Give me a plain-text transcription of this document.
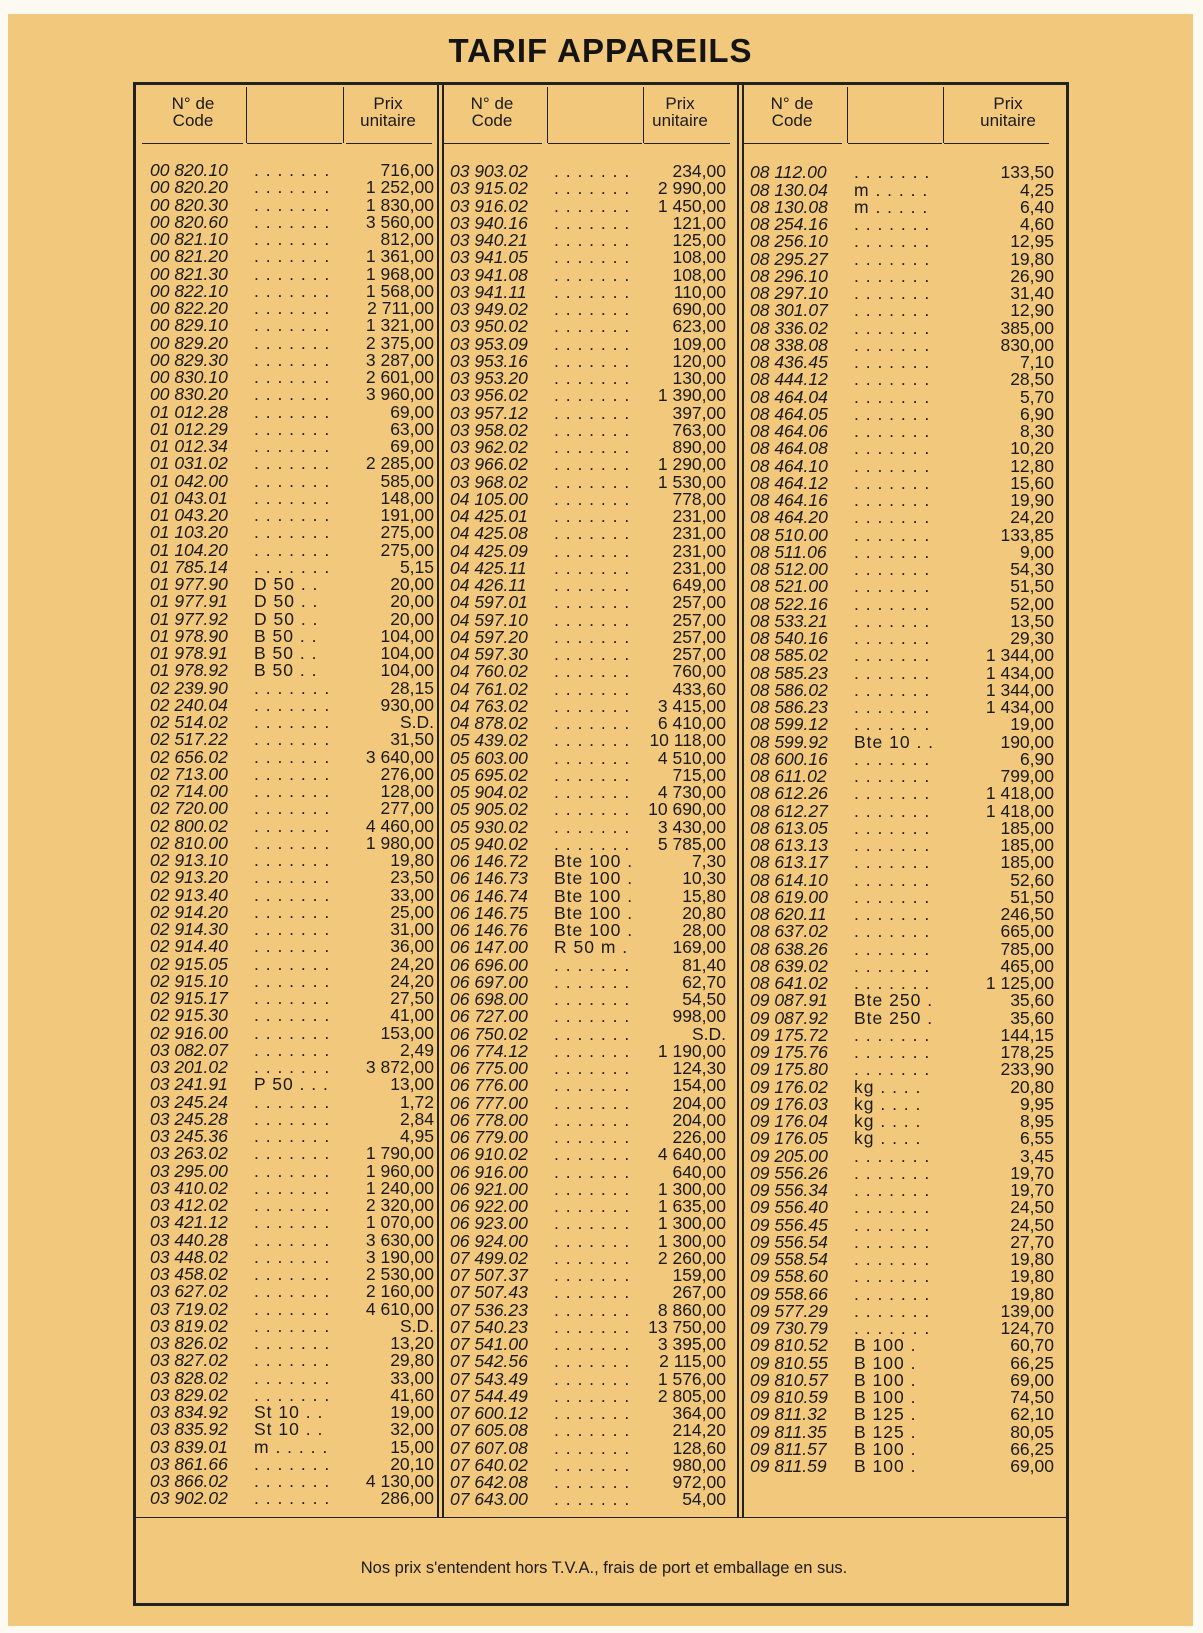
TARIF APPAREILS
N° de
Code
Prix
unitaire
N° de
Code
Prix
unitaire
N° de
Code
Prix
unitaire
00 820.10 . . . . . . .	716,00
00 820.20 . . . . . . .	1 252,00
00 820.30 . . . . . . .	1 830,00
00 820.60 . . . . . . .	3 560,00
00 821.10 . . . . . . .	812,00
00 821.20 . . . . . . .	1 361,00
00 821.30 . . . . . . .	1 968,00
00 822.10 . . . . . . .	1 568,00
00 822.20 . . . . . . .	2 711,00
00 829.10 . . . . . . .	1 321,00
00 829.20 . . . . . . .	2 375,00
00 829.30 . . . . . . .	3 287,00
00 830.10 . . . . . . .	2 601,00
00 830.20 . . . . . . .	3 960,00
01 012.28 . . . . . . .	69,00
01 012.29 . . . . . . .	63,00
01 012.34 . . . . . . .	69,00
01 031.02 . . . . . . .	2 285,00
01 042.00 . . . . . . .	585,00
01 043.01 . . . . . . .	148,00
01 043.20 . . . . . . .	191,00
01 103.20 . . . . . . .	275,00
01 104.20 . . . . . . .	275,00
01 785.14 . . . . . . .	5,15
01 977.90 D 50 . .	20,00
01 977.91 D 50 . .	20,00
01 977.92 D 50 . .	20,00
01 978.90 B 50 . .	104,00
01 978.91 B 50 . .	104,00
01 978.92 B 50 . .	104,00
02 239.90 . . . . . . .	28,15
02 240.04 . . . . . . .	930,00
02 514.02 . . . . . . .	S.D.
02 517.22 . . . . . . .	31,50
02 656.02 . . . . . . .	3 640,00
02 713.00 . . . . . . .	276,00
02 714.00 . . . . . . .	128,00
02 720.00 . . . . . . .	277,00
02 800.02 . . . . . . .	4 460,00
02 810.00 . . . . . . .	1 980,00
02 913.10 . . . . . . .	19,80
02 913.20 . . . . . . .	23,50
02 913.40 . . . . . . .	33,00
02 914.20 . . . . . . .	25,00
02 914.30 . . . . . . .	31,00
02 914.40 . . . . . . .	36,00
02 915.05 . . . . . . .	24,20
02 915.10 . . . . . . .	24,20
02 915.17 . . . . . . .	27,50
02 915.30 . . . . . . .	41,00
02 916.00 . . . . . . .	153,00
03 082.07 . . . . . . .	2,49
03 201.02 . . . . . . .	3 872,00
03 241.91 P 50 . . .	13,00
03 245.24 . . . . . . .	1,72
03 245.28 . . . . . . .	2,84
03 245.36 . . . . . . .	4,95
03 263.02 . . . . . . .	1 790,00
03 295.00 . . . . . . .	1 960,00
03 410.02 . . . . . . .	1 240,00
03 412.02 . . . . . . .	2 320,00
03 421.12 . . . . . . .	1 070,00
03 440.28 . . . . . . .	3 630,00
03 448.02 . . . . . . .	3 190,00
03 458.02 . . . . . . .	2 530,00
03 627.02 . . . . . . .	2 160,00
03 719.02 . . . . . . .	4 610,00
03 819.02 . . . . . . .	S.D.
03 826.02 . . . . . . .	13,20
03 827.02 . . . . . . .	29,80
03 828.02 . . . . . . .	33,00
03 829.02 . . . . . . .	41,60
03 834.92 St 10 . .	19,00
03 835.92 St 10 . .	32,00
03 839.01 m . . . . .	15,00
03 861.66 . . . . . . .	20,10
03 866.02 . . . . . . .	4 130,00
03 902.02 . . . . . . .	286,00
03 903.02 . . . . . . .	234,00
03 915.02 . . . . . . .	2 990,00
03 916.02 . . . . . . .	1 450,00
03 940.16 . . . . . . .	121,00
03 940.21 . . . . . . .	125,00
03 941.05 . . . . . . .	108,00
03 941.08 . . . . . . .	108,00
03 941.11 . . . . . . .	110,00
03 949.02 . . . . . . .	690,00
03 950.02 . . . . . . .	623,00
03 953.09 . . . . . . .	109,00
03 953.16 . . . . . . .	120,00
03 953.20 . . . . . . .	130,00
03 956.02 . . . . . . .	1 390,00
03 957.12 . . . . . . .	397,00
03 958.02 . . . . . . .	763,00
03 962.02 . . . . . . .	890,00
03 966.02 . . . . . . .	1 290,00
03 968.02 . . . . . . .	1 530,00
04 105.00 . . . . . . .	778,00
04 425.01 . . . . . . .	231,00
04 425.08 . . . . . . .	231,00
04 425.09 . . . . . . .	231,00
04 425.11 . . . . . . .	231,00
04 426.11 . . . . . . .	649,00
04 597.01 . . . . . . .	257,00
04 597.10 . . . . . . .	257,00
04 597.20 . . . . . . .	257,00
04 597.30 . . . . . . .	257,00
04 760.02 . . . . . . .	760,00
04 761.02 . . . . . . .	433,60
04 763.02 . . . . . . .	3 415,00
04 878.02 . . . . . . .	6 410,00
05 439.02 . . . . . . .	10 118,00
05 603.00 . . . . . . .	4 510,00
05 695.02 . . . . . . .	715,00
05 904.02 . . . . . . .	4 730,00
05 905.02 . . . . . . .	10 690,00
05 930.02 . . . . . . .	3 430,00
05 940.02 . . . . . . .	5 785,00
06 146.72 Bte 100 .	7,30
06 146.73 Bte 100 .	10,30
06 146.74 Bte 100 .	15,80
06 146.75 Bte 100 .	20,80
06 146.76 Bte 100 .	28,00
06 147.00 R 50 m .	169,00
06 696.00 . . . . . . .	81,40
06 697.00 . . . . . . .	62,70
06 698.00 . . . . . . .	54,50
06 727.00 . . . . . . .	998,00
06 750.02 . . . . . . .	S.D.
06 774.12 . . . . . . .	1 190,00
06 775.00 . . . . . . .	124,30
06 776.00 . . . . . . .	154,00
06 777.00 . . . . . . .	204,00
06 778.00 . . . . . . .	204,00
06 779.00 . . . . . . .	226,00
06 910.02 . . . . . . .	4 640,00
06 916.00 . . . . . . .	640,00
06 921.00 . . . . . . .	1 300,00
06 922.00 . . . . . . .	1 635,00
06 923.00 . . . . . . .	1 300,00
06 924.00 . . . . . . .	1 300,00
07 499.02 . . . . . . .	2 260,00
07 507.37 . . . . . . .	159,00
07 507.43 . . . . . . .	267,00
07 536.23 . . . . . . .	8 860,00
07 540.23 . . . . . . .	13 750,00
07 541.00 . . . . . . .	3 395,00
07 542.56 . . . . . . .	2 115,00
07 543.49 . . . . . . .	1 576,00
07 544.49 . . . . . . .	2 805,00
07 600.12 . . . . . . .	364,00
07 605.08 . . . . . . .	214,20
07 607.08 . . . . . . .	128,60
07 640.02 . . . . . . .	980,00
07 642.08 . . . . . . .	972,00
07 643.00 . . . . . . .	54,00
08 112.00 . . . . . . .	133,50
08 130.04 m . . . . .	4,25
08 130.08 m . . . . .	6,40
08 254.16 . . . . . . .	4,60
08 256.10 . . . . . . .	12,95
08 295.27 . . . . . . .	19,80
08 296.10 . . . . . . .	26,90
08 297.10 . . . . . . .	31,40
08 301.07 . . . . . . .	12,90
08 336.02 . . . . . . .	385,00
08 338.08 . . . . . . .	830,00
08 436.45 . . . . . . .	7,10
08 444.12 . . . . . . .	28,50
08 464.04 . . . . . . .	5,70
08 464.05 . . . . . . .	6,90
08 464.06 . . . . . . .	8,30
08 464.08 . . . . . . .	10,20
08 464.10 . . . . . . .	12,80
08 464.12 . . . . . . .	15,60
08 464.16 . . . . . . .	19,90
08 464.20 . . . . . . .	24,20
08 510.00 . . . . . . .	133,85
08 511.06 . . . . . . .	9,00
08 512.00 . . . . . . .	54,30
08 521.00 . . . . . . .	51,50
08 522.16 . . . . . . .	52,00
08 533.21 . . . . . . .	13,50
08 540.16 . . . . . . .	29,30
08 585.02 . . . . . . .	1 344,00
08 585.23 . . . . . . .	1 434,00
08 586.02 . . . . . . .	1 344,00
08 586.23 . . . . . . .	1 434,00
08 599.12 . . . . . . .	19,00
08 599.92 Bte 10 . .	190,00
08 600.16 . . . . . . .	6,90
08 611.02 . . . . . . .	799,00
08 612.26 . . . . . . .	1 418,00
08 612.27 . . . . . . .	1 418,00
08 613.05 . . . . . . .	185,00
08 613.13 . . . . . . .	185,00
08 613.17 . . . . . . .	185,00
08 614.10 . . . . . . .	52,60
08 619.00 . . . . . . .	51,50
08 620.11 . . . . . . .	246,50
08 637.02 . . . . . . .	665,00
08 638.26 . . . . . . .	785,00
08 639.02 . . . . . . .	465,00
08 641.02 . . . . . . .	1 125,00
09 087.91 Bte 250 .	35,60
09 087.92 Bte 250 .	35,60
09 175.72 . . . . . . .	144,15
09 175.76 . . . . . . .	178,25
09 175.80 . . . . . . .	233,90
09 176.02 kg . . . .	20,80
09 176.03 kg . . . .	9,95
09 176.04 kg . . . .	8,95
09 176.05 kg . . . .	6,55
09 205.00 . . . . . . .	3,45
09 556.26 . . . . . . .	19,70
09 556.34 . . . . . . .	19,70
09 556.40 . . . . . . .	24,50
09 556.45 . . . . . . .	24,50
09 556.54 . . . . . . .	27,70
09 558.54 . . . . . . .	19,80
09 558.60 . . . . . . .	19,80
09 558.66 . . . . . . .	19,80
09 577.29 . . . . . . .	139,00
09 730.79 . . . . . . .	124,70
09 810.52 B 100 .	60,70
09 810.55 B 100 .	66,25
09 810.57 B 100 .	69,00
09 810.59 B 100 .	74,50
09 811.32 B 125 .	62,10
09 811.35 B 125 .	80,05
09 811.57 B 100 .	66,25
09 811.59 B 100 .	69,00
Nos prix s'entendent hors T.V.A., frais de port et emballage en sus.
